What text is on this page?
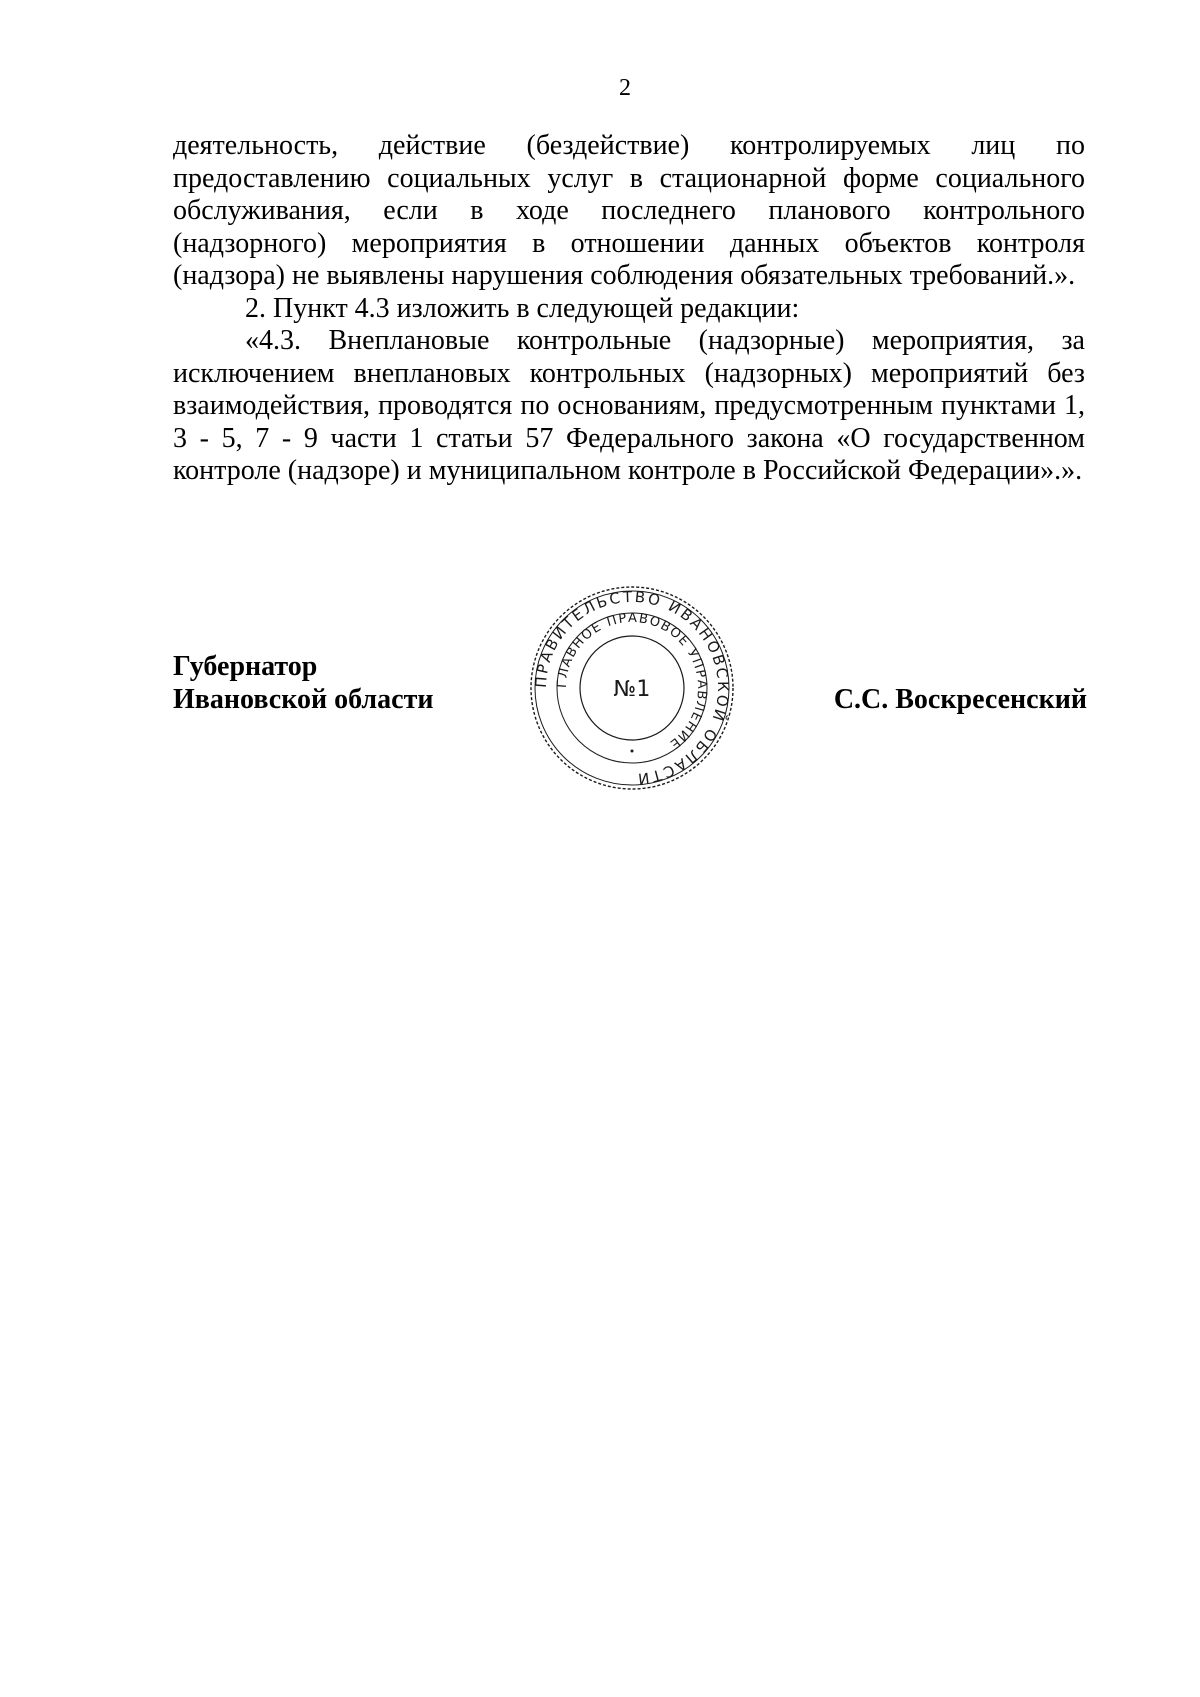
2

деятельность, действие (бездействие) контролируемых лиц по предоставлению социальных услуг в стационарной форме социального обслуживания, если в ходе последнего планового контрольного (надзорного) мероприятия в отношении данных объектов контроля (надзора) не выявлены нарушения соблюдения обязательных требований.».

2. Пункт 4.3 изложить в следующей редакции:

«4.3. Внеплановые контрольные (надзорные) мероприятия, за исключением внеплановых контрольных (надзорных) мероприятий без взаимодействия, проводятся по основаниям, предусмотренным пунктами 1, 3 - 5, 7 - 9 части 1 статьи 57 Федерального закона «О государственном контроле (надзоре) и муниципальном контроле в Российской Федерации».».

Губернатор
Ивановской области
ПРАВИТЕЛЬСТВО ИВАНОВСКОЙ ОБЛАСТИ
ГЛАВНОЕ ПРАВОВОЕ УПРАВЛЕНИЕ
№1	С.С. Воскресенский
